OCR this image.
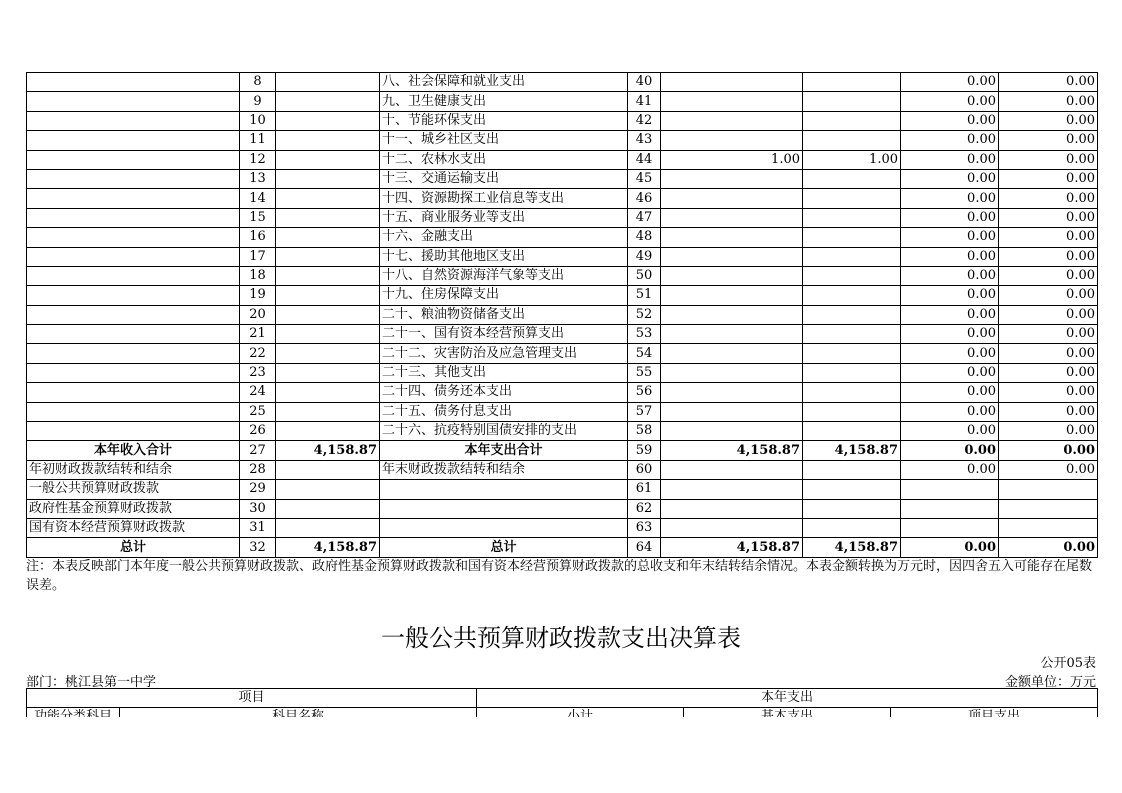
	8		八、社会保障和就业支出	40			0.00	0.00
	9		九、卫生健康支出	41			0.00	0.00
	10		十、节能环保支出	42			0.00	0.00
	11		十一、城乡社区支出	43			0.00	0.00
	12		十二、农林水支出	44	1.00	1.00	0.00	0.00
	13		十三、交通运输支出	45			0.00	0.00
	14		十四、资源勘探工业信息等支出	46			0.00	0.00
	15		十五、商业服务业等支出	47			0.00	0.00
	16		十六、金融支出	48			0.00	0.00
	17		十七、援助其他地区支出	49			0.00	0.00
	18		十八、自然资源海洋气象等支出	50			0.00	0.00
	19		十九、住房保障支出	51			0.00	0.00
	20		二十、粮油物资储备支出	52			0.00	0.00
	21		二十一、国有资本经营预算支出	53			0.00	0.00
	22		二十二、灾害防治及应急管理支出	54			0.00	0.00
	23		二十三、其他支出	55			0.00	0.00
	24		二十四、债务还本支出	56			0.00	0.00
	25		二十五、债务付息支出	57			0.00	0.00
	26		二十六、抗疫特别国债安排的支出	58			0.00	0.00
本年收入合计	27	4,158.87	本年支出合计	59	4,158.87	4,158.87	0.00	0.00
年初财政拨款结转和结余	28		年末财政拨款结转和结余	60			0.00	0.00
一般公共预算财政拨款	29			61				
政府性基金预算财政拨款	30			62				
国有资本经营预算财政拨款	31			63				
总计	32	4,158.87	总计	64	4,158.87	4,158.87	0.00	0.00
注：本表反映部门本年度一般公共预算财政拨款、政府性基金预算财政拨款和国有资本经营预算财政拨款的总收支和年末结转结余情况。本表金额转换为万元时，因四舍五入可能存在尾数误差。
一般公共预算财政拨款支出决算表
公开05表
部门：桃江县第一中学	金额单位：万元
项目		本年支出		
